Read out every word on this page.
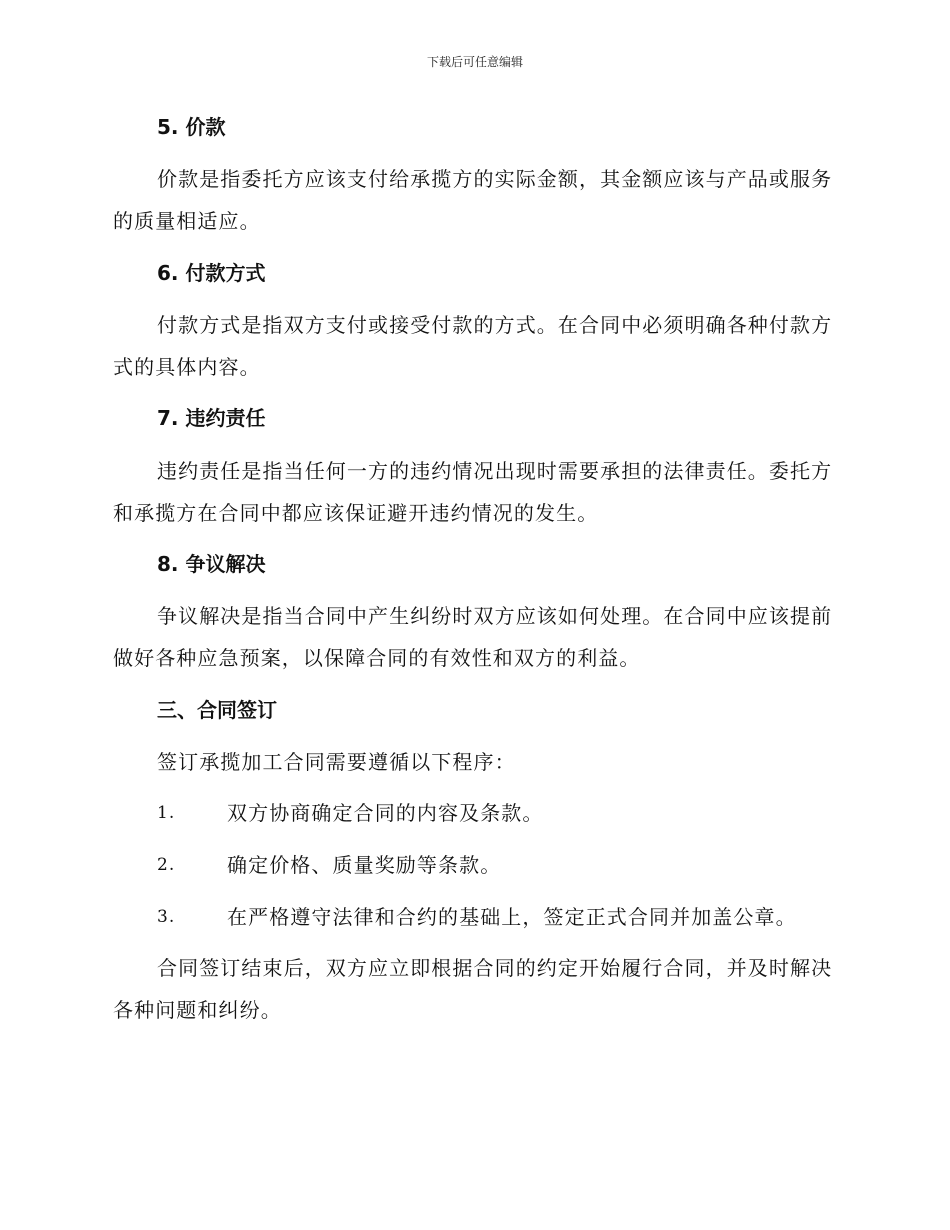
下载后可任意编辑
5. 价款

价款是指委托方应该支付给承揽方的实际金额，其金额应该与产品或服务的质量相适应。

6. 付款方式

付款方式是指双方支付或接受付款的方式。在合同中必须明确各种付款方式的具体内容。

7. 违约责任

违约责任是指当任何一方的违约情况出现时需要承担的法律责任。委托方和承揽方在合同中都应该保证避开违约情况的发生。

8. 争议解决

争议解决是指当合同中产生纠纷时双方应该如何处理。在合同中应该提前做好各种应急预案，以保障合同的有效性和双方的利益。

三、合同签订

签订承揽加工合同需要遵循以下程序：

1.	双方协商确定合同的内容及条款。
2.	确定价格、质量奖励等条款。
3.	在严格遵守法律和合约的基础上，签定正式合同并加盖公章。

合同签订结束后，双方应立即根据合同的约定开始履行合同，并及时解决各种问题和纠纷。
